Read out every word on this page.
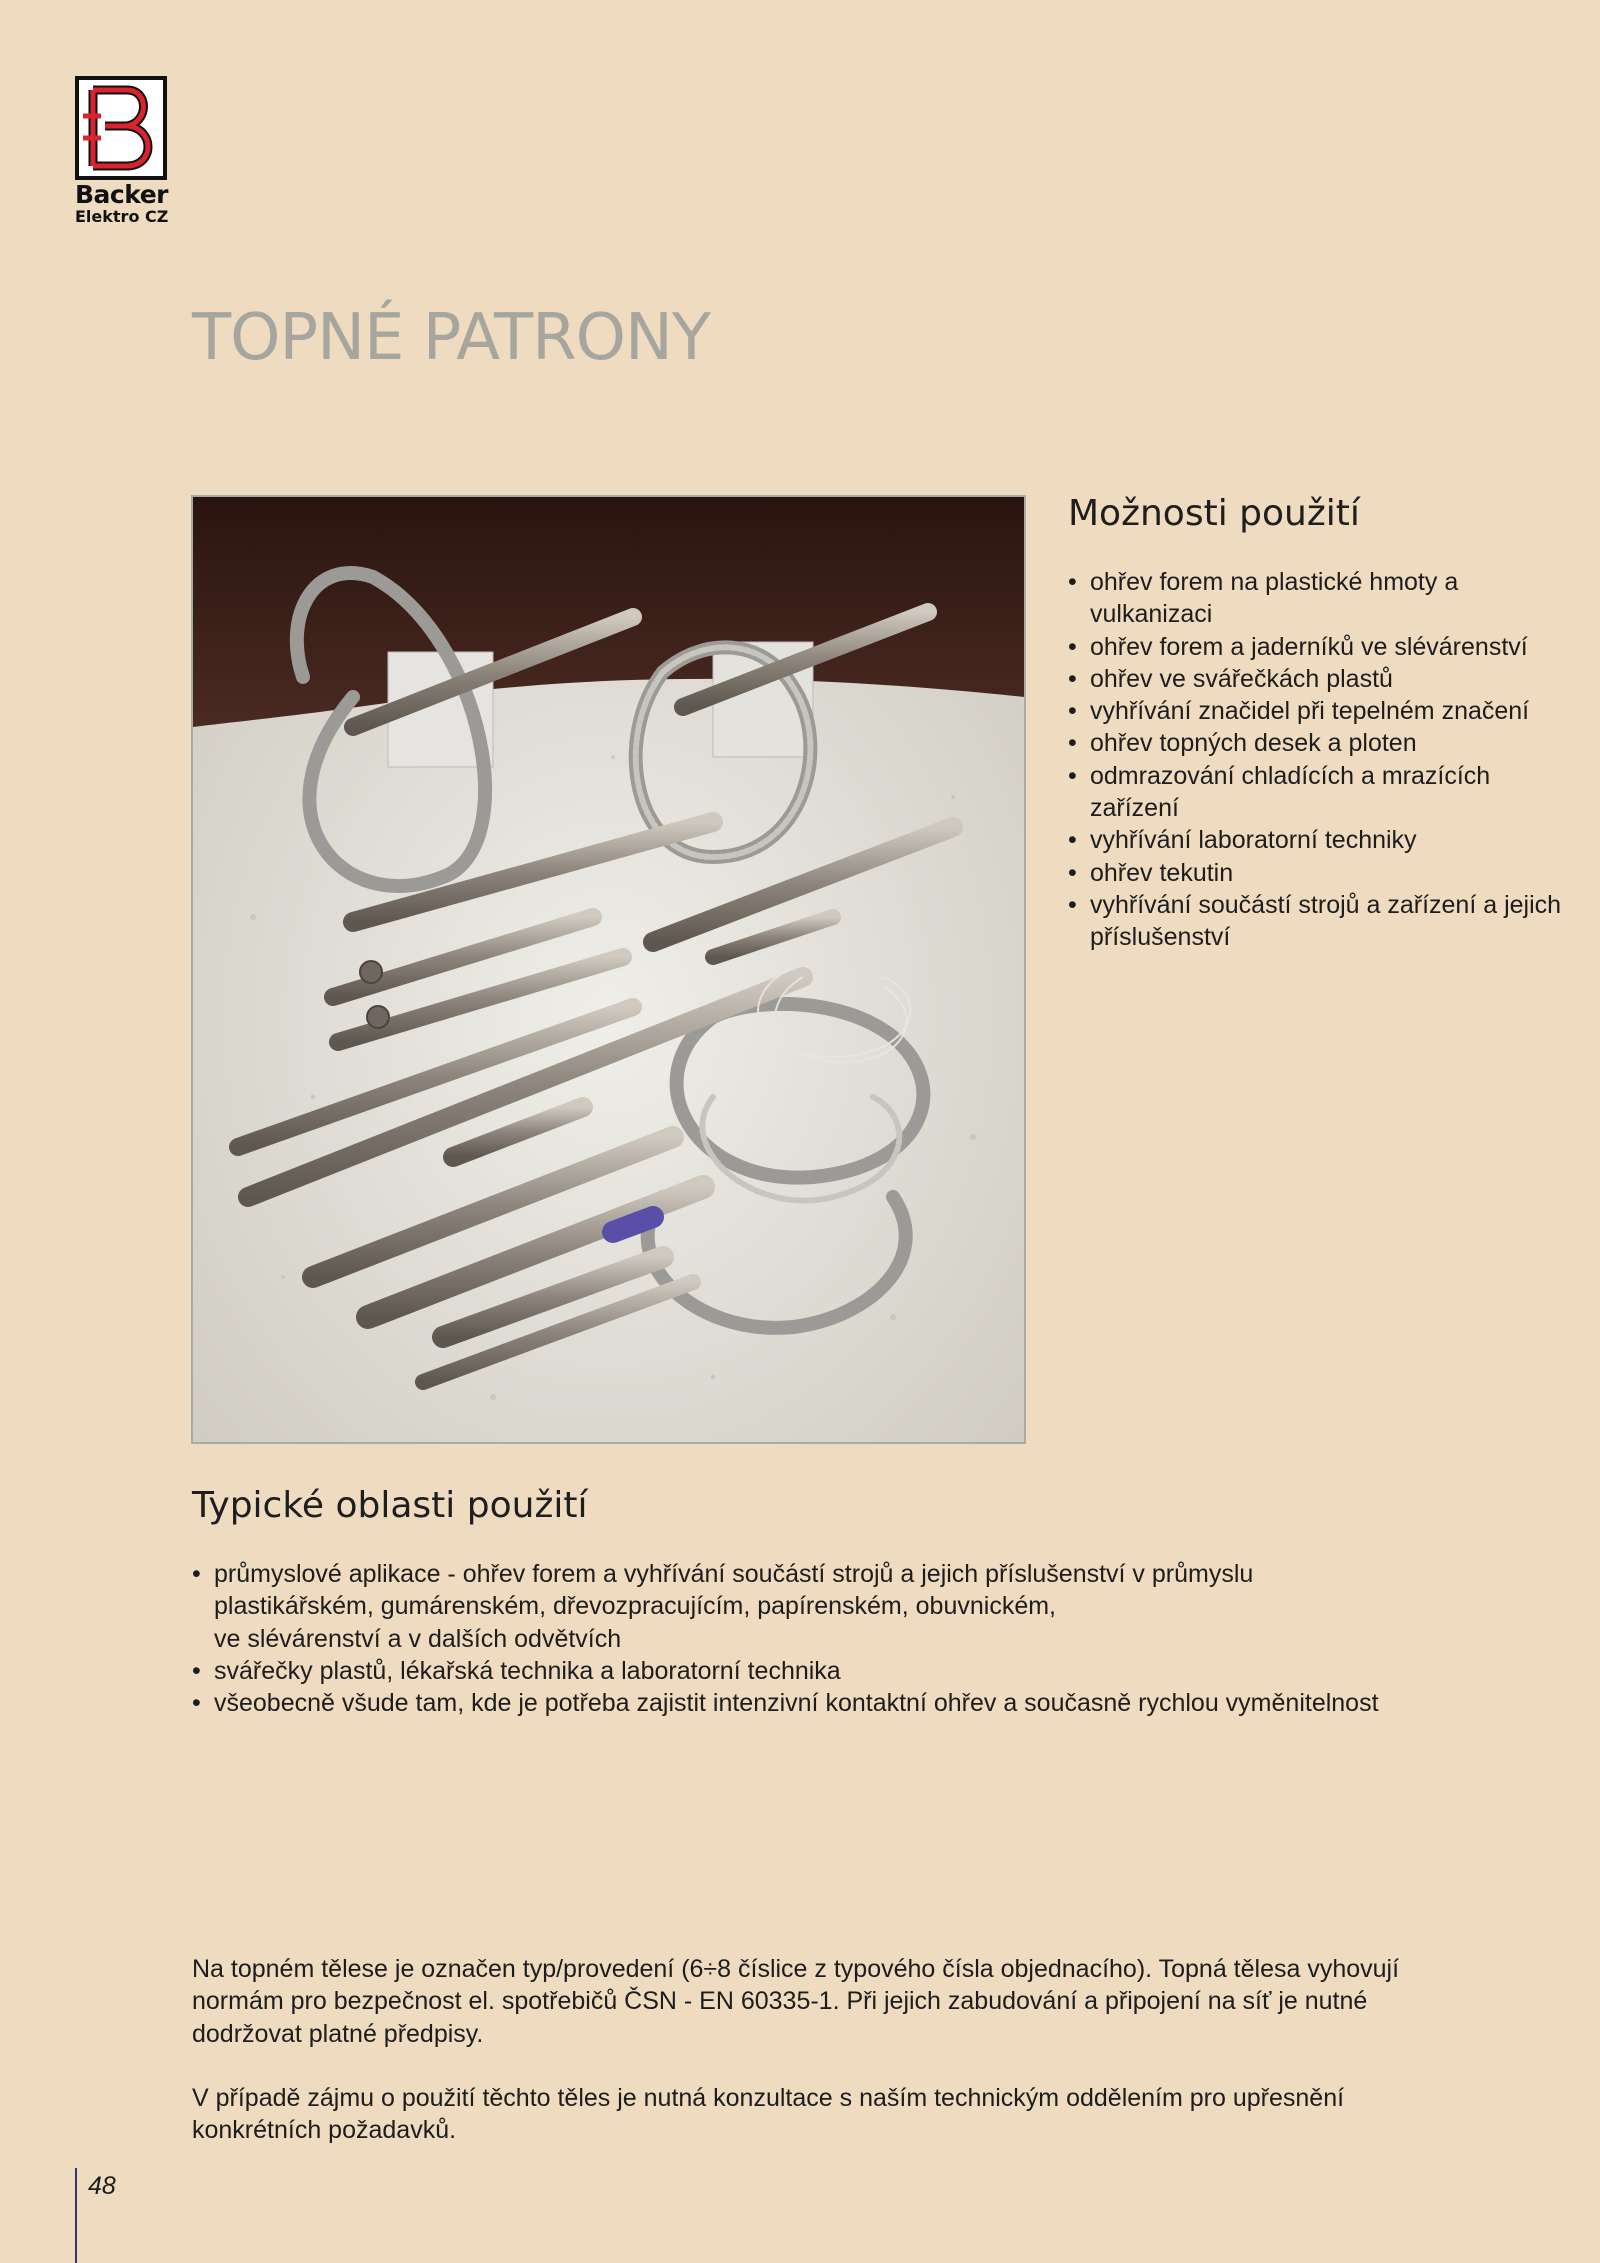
Backer
Elektro CZ
TOPNÉ PATRONY
Možnosti použití
• ohřev forem na plastické hmoty a vulkanizaci
• ohřev forem a jaderníků ve slévárenství
• ohřev ve svářečkách plastů
• vyhřívání značidel při tepelném značení
• ohřev topných desek a ploten
• odmrazování chladících a mrazících zařízení
• vyhřívání laboratorní techniky
• ohřev tekutin
• vyhřívání součástí strojů a zařízení a jejich příslušenství
Typické oblasti použití
• průmyslové aplikace - ohřev forem a vyhřívání součástí strojů a jejich příslušenství v průmyslu
plastikářském, gumárenském, dřevozpracujícím, papírenském, obuvnickém,
ve slévárenství a v dalších odvětvích
• svářečky plastů, lékařská technika a laboratorní technika
• všeobecně všude tam, kde je potřeba zajistit intenzivní kontaktní ohřev a současně rychlou vyměnitelnost

Na topném tělese je označen typ/provedení (6÷8 číslice z typového čísla objednacího). Topná tělesa vyhovují
normám pro bezpečnost el. spotřebičů ČSN - EN 60335-1. Při jejich zabudování a připojení na síť je nutné
dodržovat platné předpisy.

V případě zájmu o použití těchto těles je nutná konzultace s naším technickým oddělením pro upřesnění
konkrétních požadavků.

48
